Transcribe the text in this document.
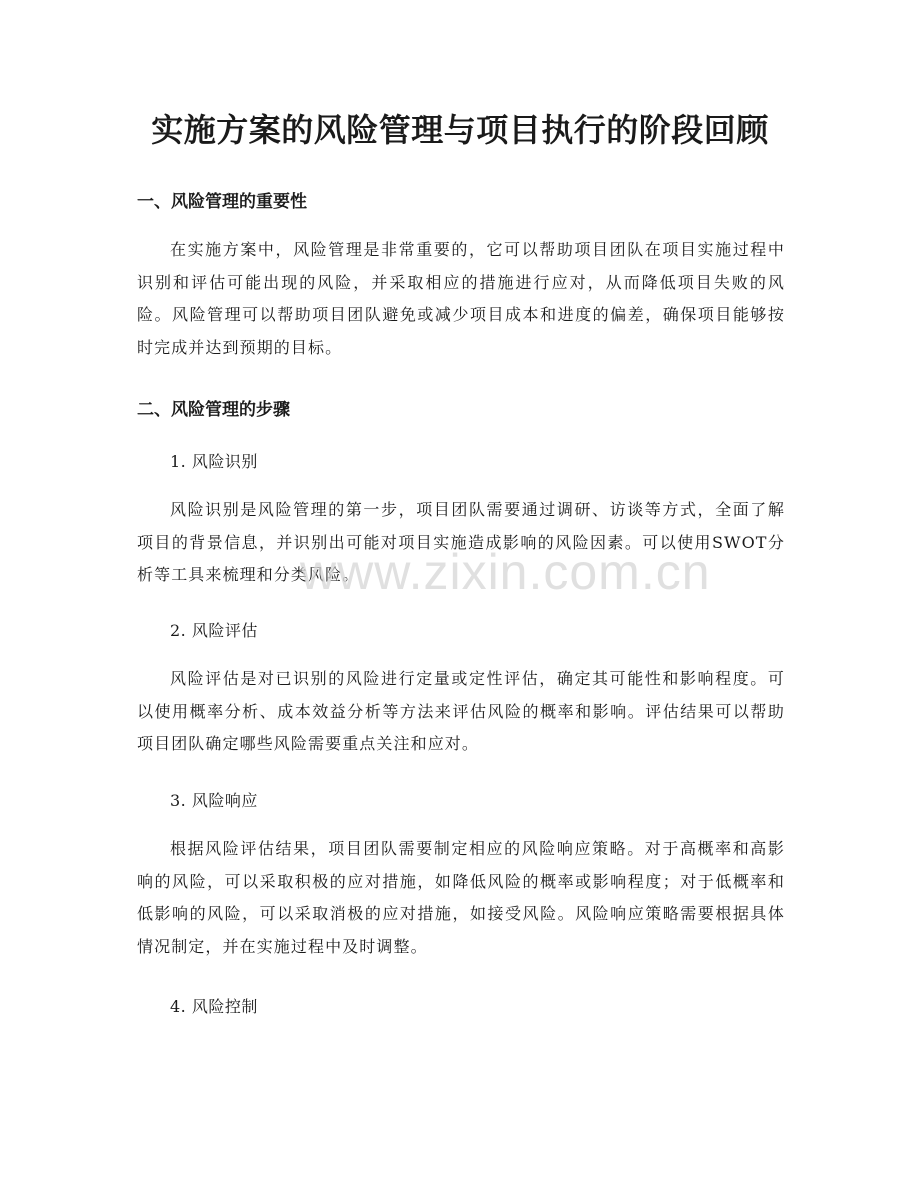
实施方案的风险管理与项目执行的阶段回顾
一、风险管理的重要性

在实施方案中，风险管理是非常重要的，它可以帮助项目团队在项目实施过程中识别和评估可能出现的风险，并采取相应的措施进行应对，从而降低项目失败的风险。风险管理可以帮助项目团队避免或减少项目成本和进度的偏差，确保项目能够按时完成并达到预期的目标。

二、风险管理的步骤

1. 风险识别

风险识别是风险管理的第一步，项目团队需要通过调研、访谈等方式，全面了解项目的背景信息，并识别出可能对项目实施造成影响的风险因素。可以使用SWOT分析等工具来梳理和分类风险。

2. 风险评估

风险评估是对已识别的风险进行定量或定性评估，确定其可能性和影响程度。可以使用概率分析、成本效益分析等方法来评估风险的概率和影响。评估结果可以帮助项目团队确定哪些风险需要重点关注和应对。

3. 风险响应

根据风险评估结果，项目团队需要制定相应的风险响应策略。对于高概率和高影响的风险，可以采取积极的应对措施，如降低风险的概率或影响程度；对于低概率和低影响的风险，可以采取消极的应对措施，如接受风险。风险响应策略需要根据具体情况制定，并在实施过程中及时调整。

4. 风险控制

www.zixin.com.cn
